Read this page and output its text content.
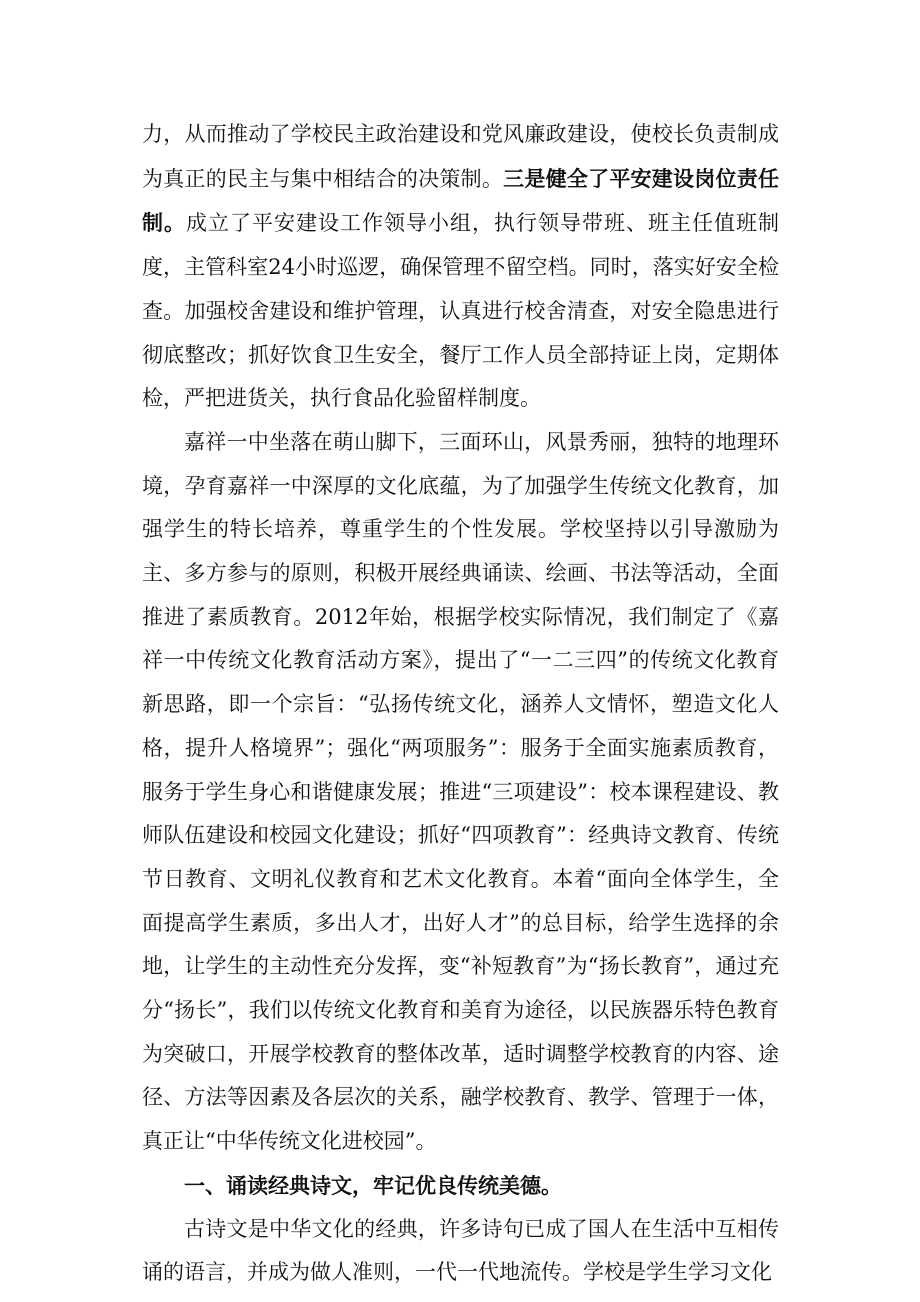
力，从而推动了学校民主政治建设和党风廉政建设，使校长负责制成为真正的民主与集中相结合的决策制。三是健全了平安建设岗位责任制。成立了平安建设工作领导小组，执行领导带班、班主任值班制度，主管科室24小时巡逻，确保管理不留空档。同时，落实好安全检查。加强校舍建设和维护管理，认真进行校舍清查，对安全隐患进行彻底整改；抓好饮食卫生安全，餐厅工作人员全部持证上岗，定期体检，严把进货关，执行食品化验留样制度。

嘉祥一中坐落在萌山脚下，三面环山，风景秀丽，独特的地理环境，孕育嘉祥一中深厚的文化底蕴，为了加强学生传统文化教育，加强学生的特长培养，尊重学生的个性发展。学校坚持以引导激励为主、多方参与的原则，积极开展经典诵读、绘画、书法等活动，全面推进了素质教育。2012年始，根据学校实际情况，我们制定了《嘉祥一中传统文化教育活动方案》，提出了“一二三四”的传统文化教育新思路，即一个宗旨：“弘扬传统文化，涵养人文情怀，塑造文化人格，提升人格境界”；强化“两项服务”：服务于全面实施素质教育，服务于学生身心和谐健康发展；推进“三项建设”：校本课程建设、教师队伍建设和校园文化建设；抓好“四项教育”：经典诗文教育、传统节日教育、文明礼仪教育和艺术文化教育。本着“面向全体学生，全面提高学生素质，多出人才，出好人才”的总目标，给学生选择的余地，让学生的主动性充分发挥，变“补短教育”为“扬长教育”，通过充分“扬长”，我们以传统文化教育和美育为途径，以民族器乐特色教育为突破口，开展学校教育的整体改革，适时调整学校教育的内容、途径、方法等因素及各层次的关系，融学校教育、教学、管理于一体，真正让“中华传统文化进校园”。

一、诵读经典诗文，牢记优良传统美德。

古诗文是中华文化的经典，许多诗句已成了国人在生活中互相传诵的语言，并成为做人准则，一代一代地流传。学校是学生学习文化
